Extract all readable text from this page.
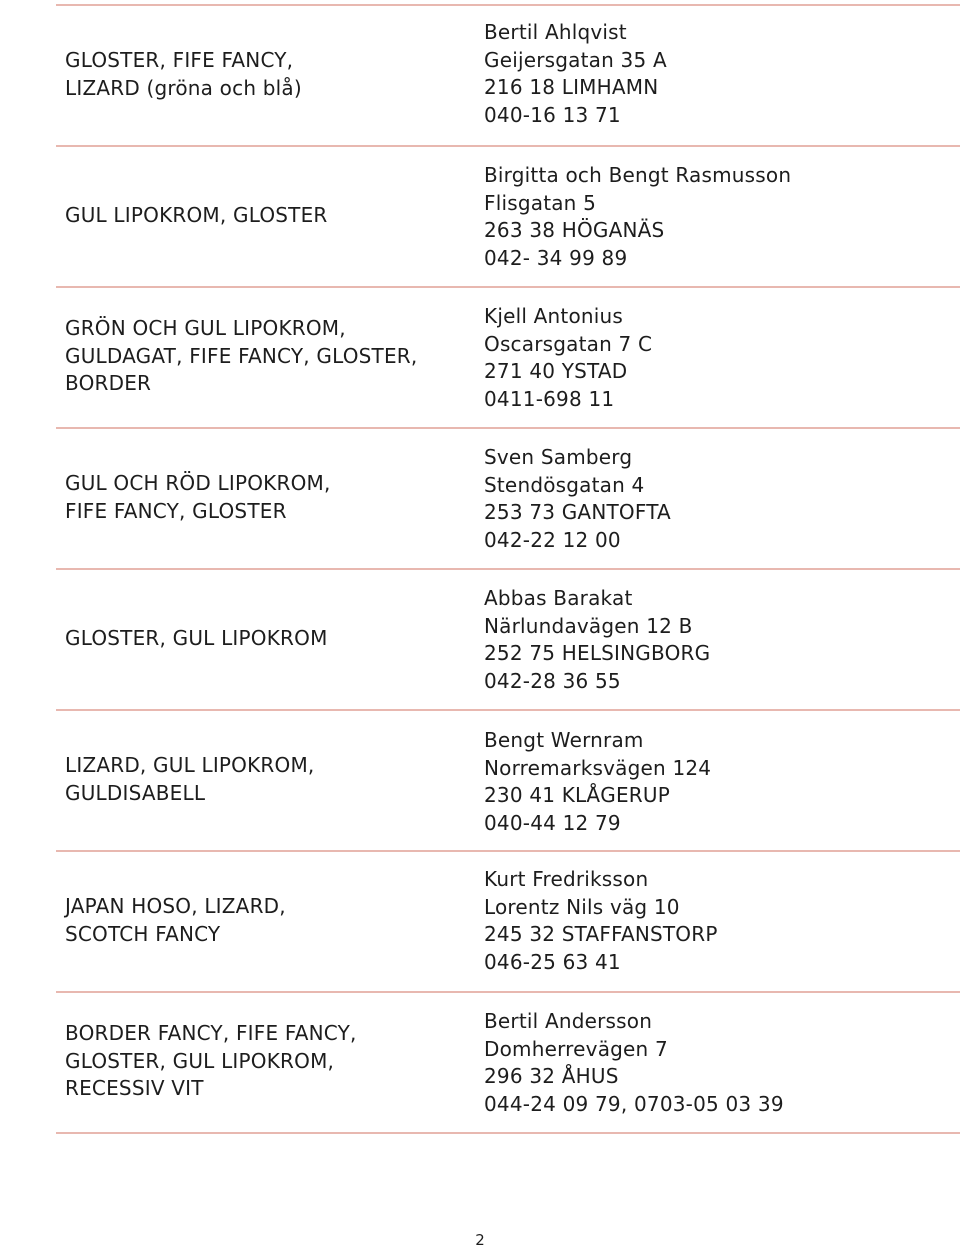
GLOSTER, FIFE FANCY,
LIZARD (gröna och blå)
Bertil Ahlqvist
Geijersgatan 35 A
216 18 LIMHAMN
040-16 13 71
GUL LIPOKROM, GLOSTER
Birgitta och Bengt Rasmusson
Flisgatan 5
263 38 HÖGANÄS
042- 34 99 89
GRÖN OCH GUL LIPOKROM,
GULDAGAT, FIFE FANCY, GLOSTER,
BORDER
Kjell Antonius
Oscarsgatan 7 C
271 40 YSTAD
0411-698 11
GUL OCH RÖD LIPOKROM,
FIFE FANCY, GLOSTER
Sven Samberg
Stendösgatan 4
253 73 GANTOFTA
042-22 12 00
GLOSTER, GUL LIPOKROM
Abbas Barakat
Närlundavägen 12 B
252 75 HELSINGBORG
042-28 36 55
LIZARD, GUL LIPOKROM,
GULDISABELL
Bengt Wernram
Norremarksvägen 124
230 41 KLÅGERUP
040-44 12 79
JAPAN HOSO, LIZARD,
SCOTCH FANCY
Kurt Fredriksson
Lorentz Nils väg 10
245 32 STAFFANSTORP
046-25 63 41
BORDER FANCY, FIFE FANCY,
GLOSTER, GUL LIPOKROM,
RECESSIV VIT
Bertil Andersson
Domherrevägen 7
296 32 ÅHUS
044-24 09 79, 0703-05 03 39
2
